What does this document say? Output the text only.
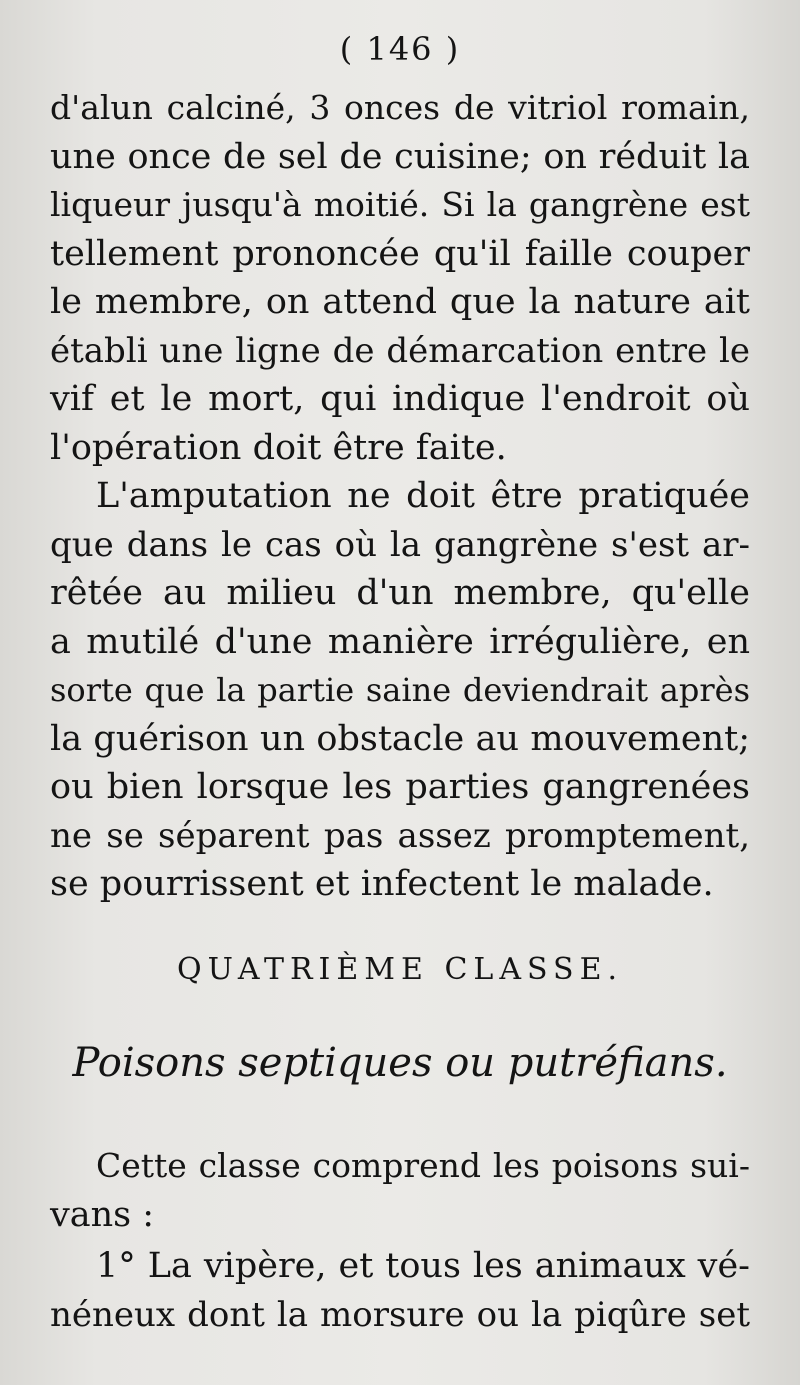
( 146 )
d'alun calciné, 3 onces de vitriol romain,
une once de sel de cuisine; on réduit la
liqueur jusqu'à moitié. Si la gangrène est
tellement prononcée qu'il faille couper
le membre, on attend que la nature ait
établi une ligne de démarcation entre le
vif et le mort, qui indique l'endroit où
l'opération doit être faite.
L'amputation ne doit être pratiquée
que dans le cas où la gangrène s'est ar-
rêtée au milieu d'un membre, qu'elle
a mutilé d'une manière irrégulière, en
sorte que la partie saine deviendrait après
la guérison un obstacle au mouvement;
ou bien lorsque les parties gangrenées
ne se séparent pas assez promptement,
se pourrissent et infectent le malade.
QUATRIÈME CLASSE.
Poisons septiques ou putréfians.
Cette classe comprend les poisons sui-
vans :
1° La vipère, et tous les animaux vé-
néneux dont la morsure ou la piqûre set
